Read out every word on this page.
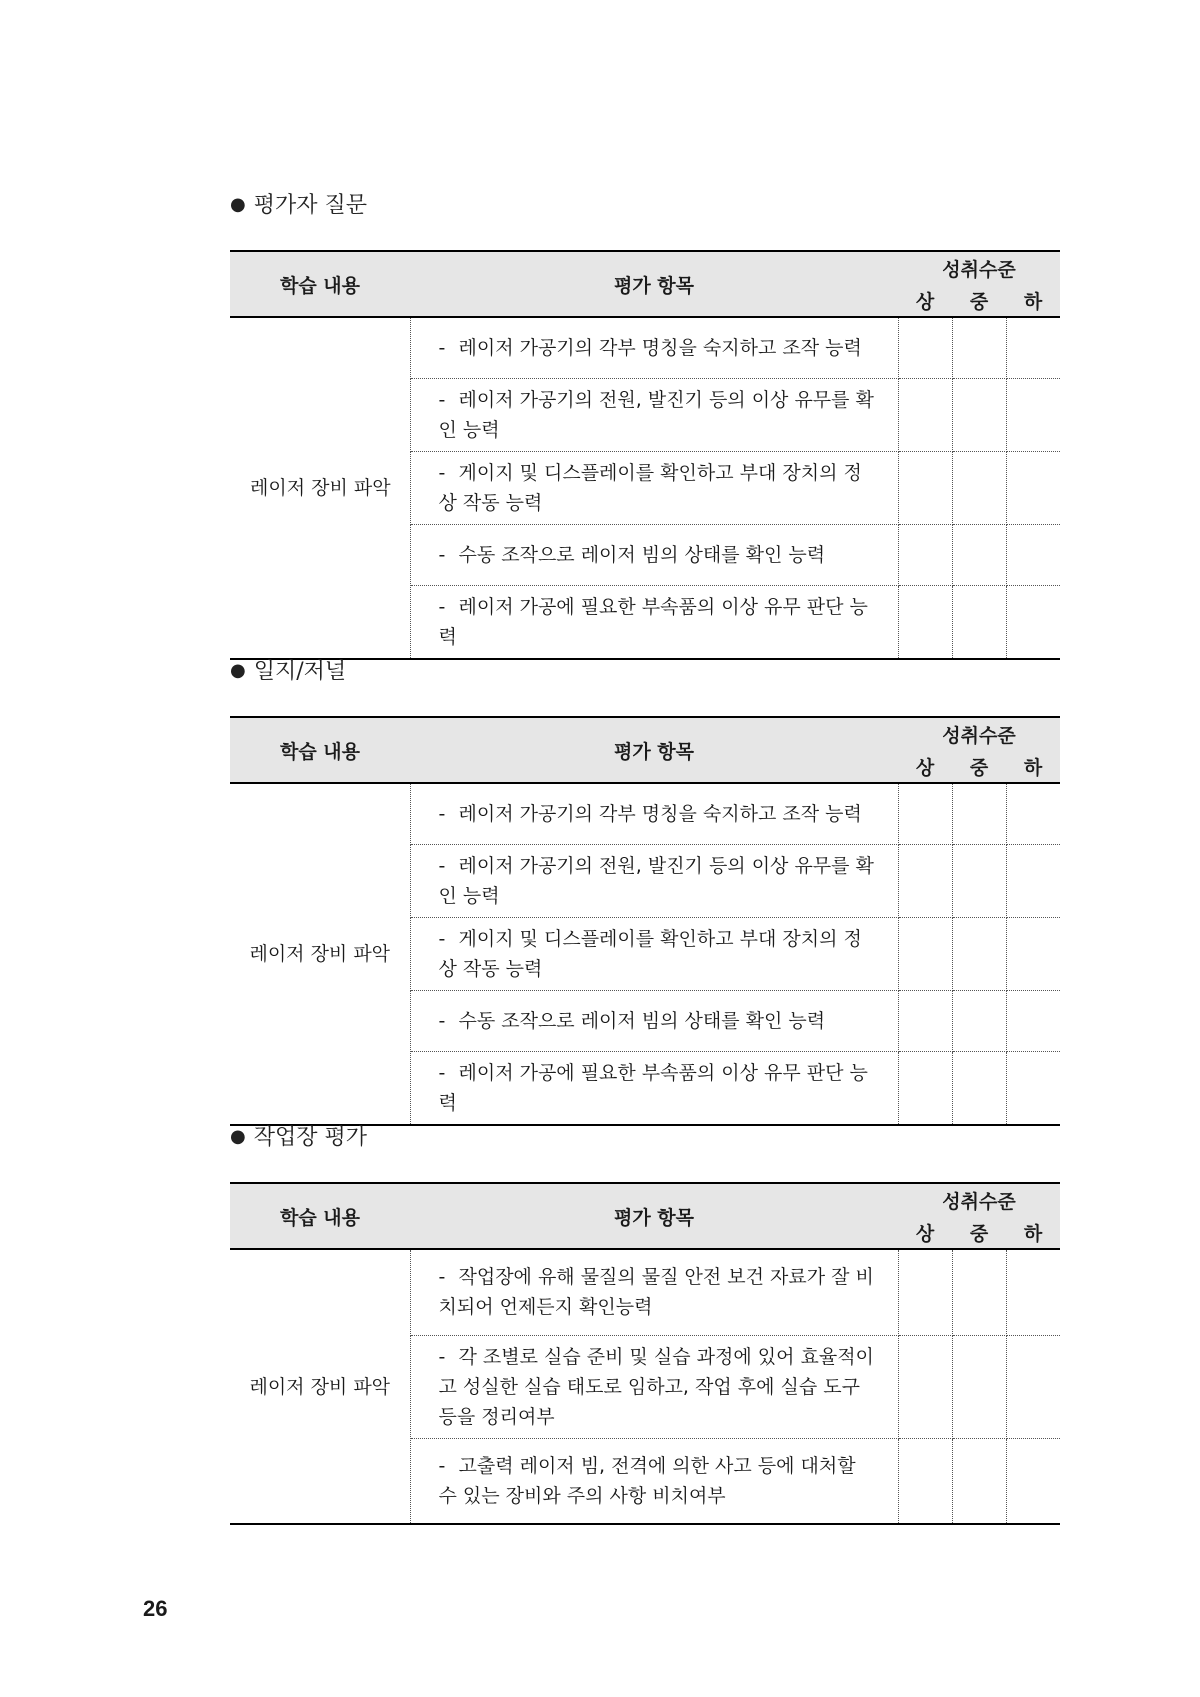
● 평가자 질문
학습 내용	평가 항목	성취수준		
		상	중	하
레이저 장비 파악	- 레이저 가공기의 각부 명칭을 숙지하고 조작 능력			
	- 레이저 가공기의 전원, 발진기 등의 이상 유무를 확인 능력			
	- 게이지 및 디스플레이를 확인하고 부대 장치의 정상 작동 능력			
	- 수동 조작으로 레이저 빔의 상태를 확인 능력			
	- 레이저 가공에 필요한 부속품의 이상 유무 판단 능력			
● 일지/저널
학습 내용	평가 항목	성취수준		
		상	중	하
레이저 장비 파악	- 레이저 가공기의 각부 명칭을 숙지하고 조작 능력			
	- 레이저 가공기의 전원, 발진기 등의 이상 유무를 확인 능력			
	- 게이지 및 디스플레이를 확인하고 부대 장치의 정상 작동 능력			
	- 수동 조작으로 레이저 빔의 상태를 확인 능력			
	- 레이저 가공에 필요한 부속품의 이상 유무 판단 능력			
● 작업장 평가
학습 내용	평가 항목	성취수준		
		상	중	하
레이저 장비 파악	- 작업장에 유해 물질의 물질 안전 보건 자료가 잘 비치되어 언제든지 확인능력			
	- 각 조별로 실습 준비 및 실습 과정에 있어 효율적이고 성실한 실습 태도로 임하고, 작업 후에 실습 도구 등을 정리여부			
	- 고출력 레이저 빔, 전격에 의한 사고 등에 대처할 수 있는 장비와 주의 사항 비치여부			
26
